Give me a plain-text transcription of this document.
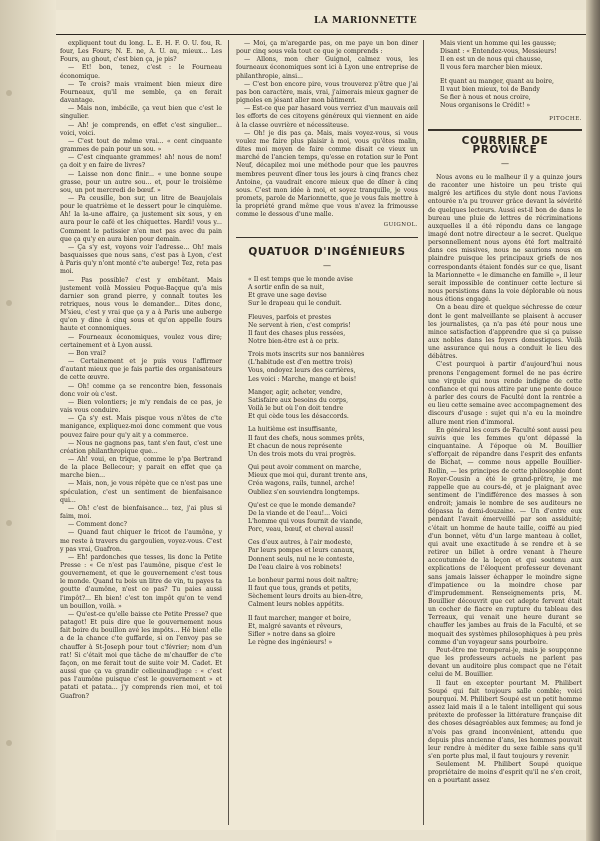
LA MARIONNETTE

expliquent tout du long. L. E. H. F. O. U. fou, R. four, Les Fours; N. E. ne, A. U. au, mieux... Les Fours, au ghout, c'est bien ça, je pis?

— Et! bon, tenez, c'est : le Fourneau économique.

— Te crois? mais vraiment bien mieux dire Fourneaux, qu'il me semble, ça en ferait davantage.

— Mais non, imbécile, ça veut bien que c'est le singulier.

— Ah! je comprends, en effet c'est singulier... voici, voici.

— C'est tout de même vrai... « cent cinquante grammes de pain pour un sou. »

— C'est cinquante grammes! ah! nous de nom! ça doit y en faire de livres?

— Laisse non donc finir... « une bonne soupe grasse, pour un autre sou... et, pour le troisième sou, un pot mercredi de bœuf. »

— Pa ceusille, bon sur, un litre de Beaujolais pour le quatrième et le dessert pour le cinquième. Ah! la la-une affaire, ça justement six sous, y en aura pour le café et les chiquettes. Hardi! vous y... Comment le patissier n'en met pas avec du pain que ça qu'y en aura bien pour demain.

— Ça s'y est, voyons voir l'adresse... Oh! mais basquaisses que nous sans, c'est pas à Lyon, c'est à Paris qu'y n'ont monté c'te auberge! Tez, reta pas moi.

— Pas possible? c'est y embêtant. Mais justement voilà Mossieu Poque-Baçque qu'a mis darnier son grand pierre, y connaît toutes les retriques, nous vous le demander... Dites donc, M'sieu, c'est y vrai que ça y a à Paris une auberge qu'on y dine à cinq sous et qu'on appelle fours haute et connomiques.

— Fourneaux économiques, voulez vous dire; certainement et à Lyon aussi.

— Bon vrai?

— Certainement et je puis vous l'affirmer d'autant mieux que je fais partie des organisateurs de cette œuvre.

— Oh! comme ça se rencontre bien, fessonais donc voir où c'est.

— Bien volontiers; je m'y rendais de ce pas, je vais vous conduire.

— Ça s'y est. Mais pisque vous n'êtes de c'te manigance, expliquez-moi donc comment que vous pouvez faire pour qu'y ait y a commerce.

— Nous ne gagnons pas, tant s'en faut, c'est une création philanthropique que...

— Ah! voui, en trique, comme le p'pa Bertrand de la place Bellecour; y parait en effet que ça marche bien...

— Mais, non, je vous répète que ce n'est pas une spéculation, c'est un sentiment de bienfaisance qui...

— Oh! c'est de bienfaisance... tez, j'ai plus si faim, moi.

— Comment donc?

— Quand faut chiquer le fricot de l'aumône, y me reste à travers du gargoulien, voyez-vous. C'est y pas vrai, Guafron.

— Eh! pardonches que tesses, lis donc la Petite Presse : « Ce n'est pas l'aumône, pisque c'est le gouvernement, et que le gouvernement c'est tous le monde. Quand tu bois un litre de vin, tu payes ta goutte d'aumône, n'est ce pas? Tu paies aussi l'impôt?... Eh bien! c'est ton impôt qu'on te vend un bouillon, voilà. »

— Qu'est-ce qu'elle baisse cte Petite Presse? que patagot! Et puis dire que le gouvernement nous fait boire du bouillon avé les impôts... Hé bien! elle a de la chance c'te guffarde, si on l'envoy pas se chauffer à St-Joseph pour tout c'février; nom d'un rat! Si c'était moi que tâche de m'chauffer de c'te façon, on me ferait tout de suite voir M. Cadet. Et aussi que ça va grandir celieuinaudjuge : « c'est pas l'aumône puisque c'est le gouvernement » et patati et patata... j'y comprends rien moi, et toi Guafron?

— Moi, ça m'aregarde pas, on me paye un bon diner pour cinq sous vela tout ce que je comprends :

— Allons, mon cher Guignol, calmez vous, les fourneaux économiques sont ici à Lyon une entreprise de philanthropie, ainsi...

— C'est bon encore pire, vous trouverez p'être que j'ai pas bon caractère, mais, vrai, j'aimerais mieux gagner de pignoles en jésant aller mon bâtiment.

— Est-ce que par hasard vous verriez d'un mauvais œil les efforts de ces citoyens généreux qui viennent en aide à la classe ouvrière et nécessiteuse.

— Oh! je dis pas ça. Mais, mais voyez-vous, si vous voulez me faire plus plaisir à moi, vous qu'êtes malin, dites moi moyen de faire comme disait ce vieux un marché de l'ancien temps, qu'esse en rotation sur le Pont Neuf, décapilez moi une méthode pour que les pauvres membres peuvent dîner tous les jours à cinq francs chez Antoine, ça vaudrait encore mieux que de dîner à cinq sous. C'est mon idée à moi, et soyez tranquille, je vous promets, parole de Marionnette, que je vous fais mettre à la propriété grand même que vous n'avez la frimousse comme le dessous d'une malle.

GUIGNOL.
QUATUOR D'INGÉNIEURS
—

« Il est temps que le monde avise

A sortir enfin de sa nuit,

Et grave une sage devise

Sur le drapeau qui le conduit.

Fleuves, parfois et prestes

Ne servent à rien, c'est compris!

Il faut des chases plus ressées,

Notre bien-être est à ce prix.

Trois mots inscrits sur nos bannières

(L'habitude est d'en mettre trois)

Vous, ondoyez leurs des carrières,

Les voici : Marche, mange et bois!

Manger, agir, acheter, vendre,

Satisfaire aux besoins du corps,

Voilà le but où l'on doit tendre

Et qui cède tous les désaccords.

La huitième est insuffisante,

Il faut des chefs, nous sommes prêts,

Et chacun de nous représente

Un des trois mots du vrai progrès.

Qui peut avoir comment on marche,

Mieux que moi qui, durant trente ans,

Créa wagons, rails, tunnel, arche!

Oubliez s'en souviendra longtemps.

Qu'est ce que le monde demande?

De la viande et de l'eau!... Voici

L'homme qui vous fournit de viande,

Porc, veau, bœuf, et cheval aussi!

Ces d'eux autres, à l'air modeste,

Par leurs pompes et leurs canaux,

Donnent seuls, nul ne le conteste,

De l'eau claire à vos robinets!

Le bonheur parmi nous doit naître;

Il faut que tous, grands et petits,

Sèchement leurs droits au bien-être,

Calment leurs nobles appétits.

Il faut marcher, manger et boire,

Et, malgré savants et rêveurs,

Sifler » notre dans sa gloire

Le règne des ingénieurs! »

Mais vient un homme qui les gausse;

Disant : « Entendez-vous, Messieurs!

Il en est un de nous qui chausse,

Il vous fera marcher bien mieux.

Et quant au manger, quant au boire,

Il vaut bien mieux, toi de Bandy

Se fier à nous et nous croire,

Nous organisons le Crédit! »

PITOCHE.
COURRIER DE PROVINCE
—

Nous avons eu le malheur il y a quinze jours de raconter une histoire un peu triste qui malgré les artifices du style dont nous l'avions entourée n'a pu trouver grâce devant la sévérité de quelques lecteurs. Aussi est-il bon de dans le bureau une pluie de lettres de récriminations auxquelles il a été répondu dans ce langage imagé dont notre directeur a le secret. Quelque personnellement nous ayons été fort maltraité dans ces missives, nous ne saurions nous en plaindre puisque les principaux griefs de nos correspondants étaient fondés sur ce que, lisant la Marionnette « le dimanche en famille », il leur serait impossible de continuer cette lecture si nous persistions dans la voie déplorable où nous nous étions engagé.

On a beau dire et quelque séchresse de cœur dont le gent malveillante se plaisent à accuser les journalistes, ça n'a pas été pour nous une mince satisfaction d'apprendre que si ça puisse aux nobles dans les foyers domestiques. Voilà une assurance qui nous a conduit le lieu des débâtres.

C'est pourquoi à partir d'aujourd'hui nous prenons l'engagement formel de ne pas écrire une virgule qui nous rende indigne de cette confiance et qui nous attire par une pente douce à parler des cours de Faculté dont la rentrée a eu lieu cette semaine avec accompagnement des discours d'usage : sujet qui n'a eu la moindre allure ment rien d'immoral.

En général les cours de Faculté sont aussi peu suivis que les femmes qu'ont dépassé la cinquantaine. À l'époque où M. Bouillier s'efforçait de répandre dans l'esprit des enfants de Bichat, — comme nous appelle Bouillier-Rollin, — les principes de cette philosophie dont Royer-Cousin a été le grand-prêtre, je me rappelle que au cours-dé, et je plaignant avec sentiment de l'indifférence des masses à son endroit; jamais le nombre de ses auditeurs ne dépassa la demi-douzaine. — Un d'entre eux pendant l'avait émerveillé par son assiduité; c'était un homme de haute taille, coiffé au pied d'un bonnet, vêtu d'un large manteau à collet, qui avait une exactitude à se rendre et à se retirer un billet à ordre venant à l'heure accoutumée de la leçon et qui soutenu aux explications de l'éloquent professeur devenant sans jamais laisser échapper le moindre signe d'impatience ou la moindre chose par d'imprudemment. Renseignements pris, M. Bouillier découvrit que cet adepte fervent était un cocher de fiacre en rupture du tableau des Terreaux, qui venait une heure durant se chauffer les jambes au frais de la Faculté, et se moquait des systèmes philosophiques à peu près comme d'un voyageur sans pourboire.

Peut-être me tromperai-je, mais je soupçonne que les professeurs actuels ne parlent pas devant un auditoire plus compact que ne l'était celui de M. Bouillier.

Il faut en excepter pourtant M. Philibert Soupé qui fait toujours salle comble; voici pourquoi. M. Philibert Soupé est un petit homme assez laid mais il a le talent intelligent qui sous prétexte de professer la littérature française dit des choses désagréables aux femmes; au fond je n'vois pas grand inconvénient, attendu que depuis plus ancienne d'ans, les hommes pouvait leur rendre à méditer du sexe faible sans qu'il s'en porte plus mal, il faut toujours y revenir.

Seulement M. Philibert Soupé quoique propriétaire de moins d'esprit qu'il ne s'en croit, en a pourtant assez
